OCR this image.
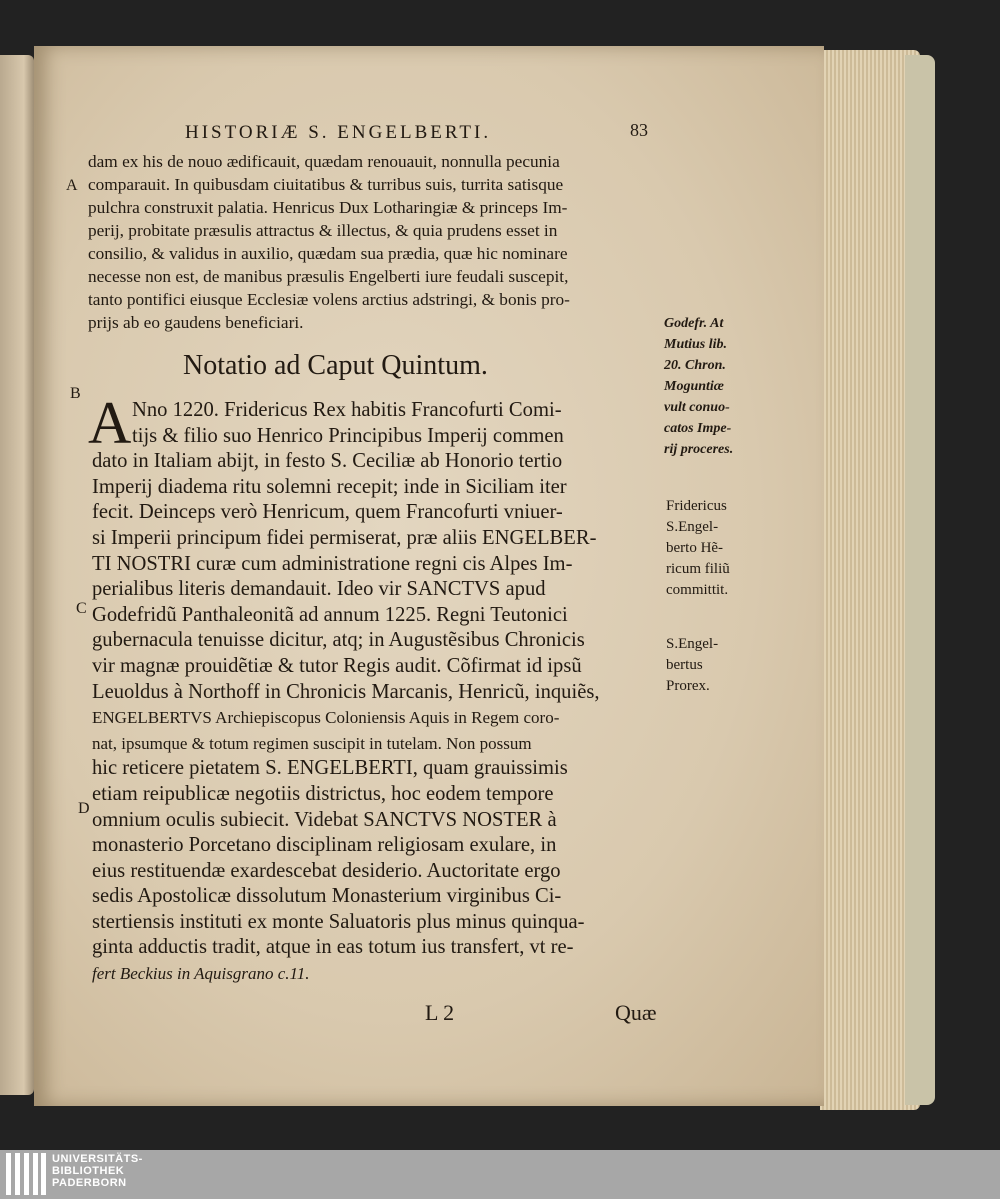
HISTORIÆ S. ENGELBERTI.	83
dam ex his de nouo ædificauit, quædam renouauit, nonnulla pecunia
comparauit. In quibusdam ciuitatibus & turribus suis, turrita satisque
pulchra construxit palatia. Henricus Dux Lotharingiæ & princeps Im-
perij, probitate præsulis attractus & illectus, & quia prudens esset in
consilio, & validus in auxilio, quædam sua prædia, quæ hic nominare
necesse non est, de manibus præsulis Engelberti iure feudali suscepit,
tanto pontifici eiusque Ecclesiæ volens arctius adstringi, & bonis pro-
prijs ab eo gaudens beneficiari.
Notatio ad Caput Quintum.
A Nno 1220. Fridericus Rex habitis Francofurti Comi-
tijs & filio suo Henrico Principibus Imperij commen
dato in Italiam abijt, in festo S. Ceciliæ ab Honorio tertio
Imperij diadema ritu solemni recepit; inde in Siciliam iter
fecit. Deinceps verò Henricum, quem Francofurti vniuer-
si Imperii principum fidei permiserat, præ aliis ENGELBER-
TI NOSTRI curæ cum administratione regni cis Alpes Im-
perialibus literis demandauit. Ideo vir SANCTVS apud
Godefridũ Panthaleonitã ad annum 1225. Regni Teutonici
gubernacula tenuisse dicitur, atq; in Augustẽsibus Chronicis
vir magnæ prouidẽtiæ & tutor Regis audit. Cõfirmat id ipsũ
Leuoldus à Northoff in Chronicis Marcanis, Henricũ, inquiẽs,
ENGELBERTVS Archiepiscopus Coloniensis Aquis in Regem coro-
nat, ipsumque & totum regimen suscipit in tutelam. Non possum
hic reticere pietatem S. ENGELBERTI, quam grauissimis
etiam reipublicæ negotiis districtus, hoc eodem tempore
omnium oculis subiecit. Videbat SANCTVS NOSTER à
monasterio Porcetano disciplinam religiosam exulare, in
eius restituendæ exardescebat desiderio. Auctoritate ergo
sedis Apostolicæ dissolutum Monasterium virginibus Ci-
stertiensis instituti ex monte Saluatoris plus minus quinqua-
ginta adductis tradit, atque in eas totum ius transfert, vt re-
fert Beckius in Aquisgrano c.11.
A
B
C
D
Godefr. At
Mutius lib.
20. Chron.
Moguntiæ
vult conuo-
catos Impe-
rij proceres.
Fridericus
S.Engel-
berto Hẽ-
ricum filiũ
committit.
S.Engel-
bertus
Prorex.
L 2	Quæ
UNIVERSITÄTS-
BIBLIOTHEK
PADERBORN
